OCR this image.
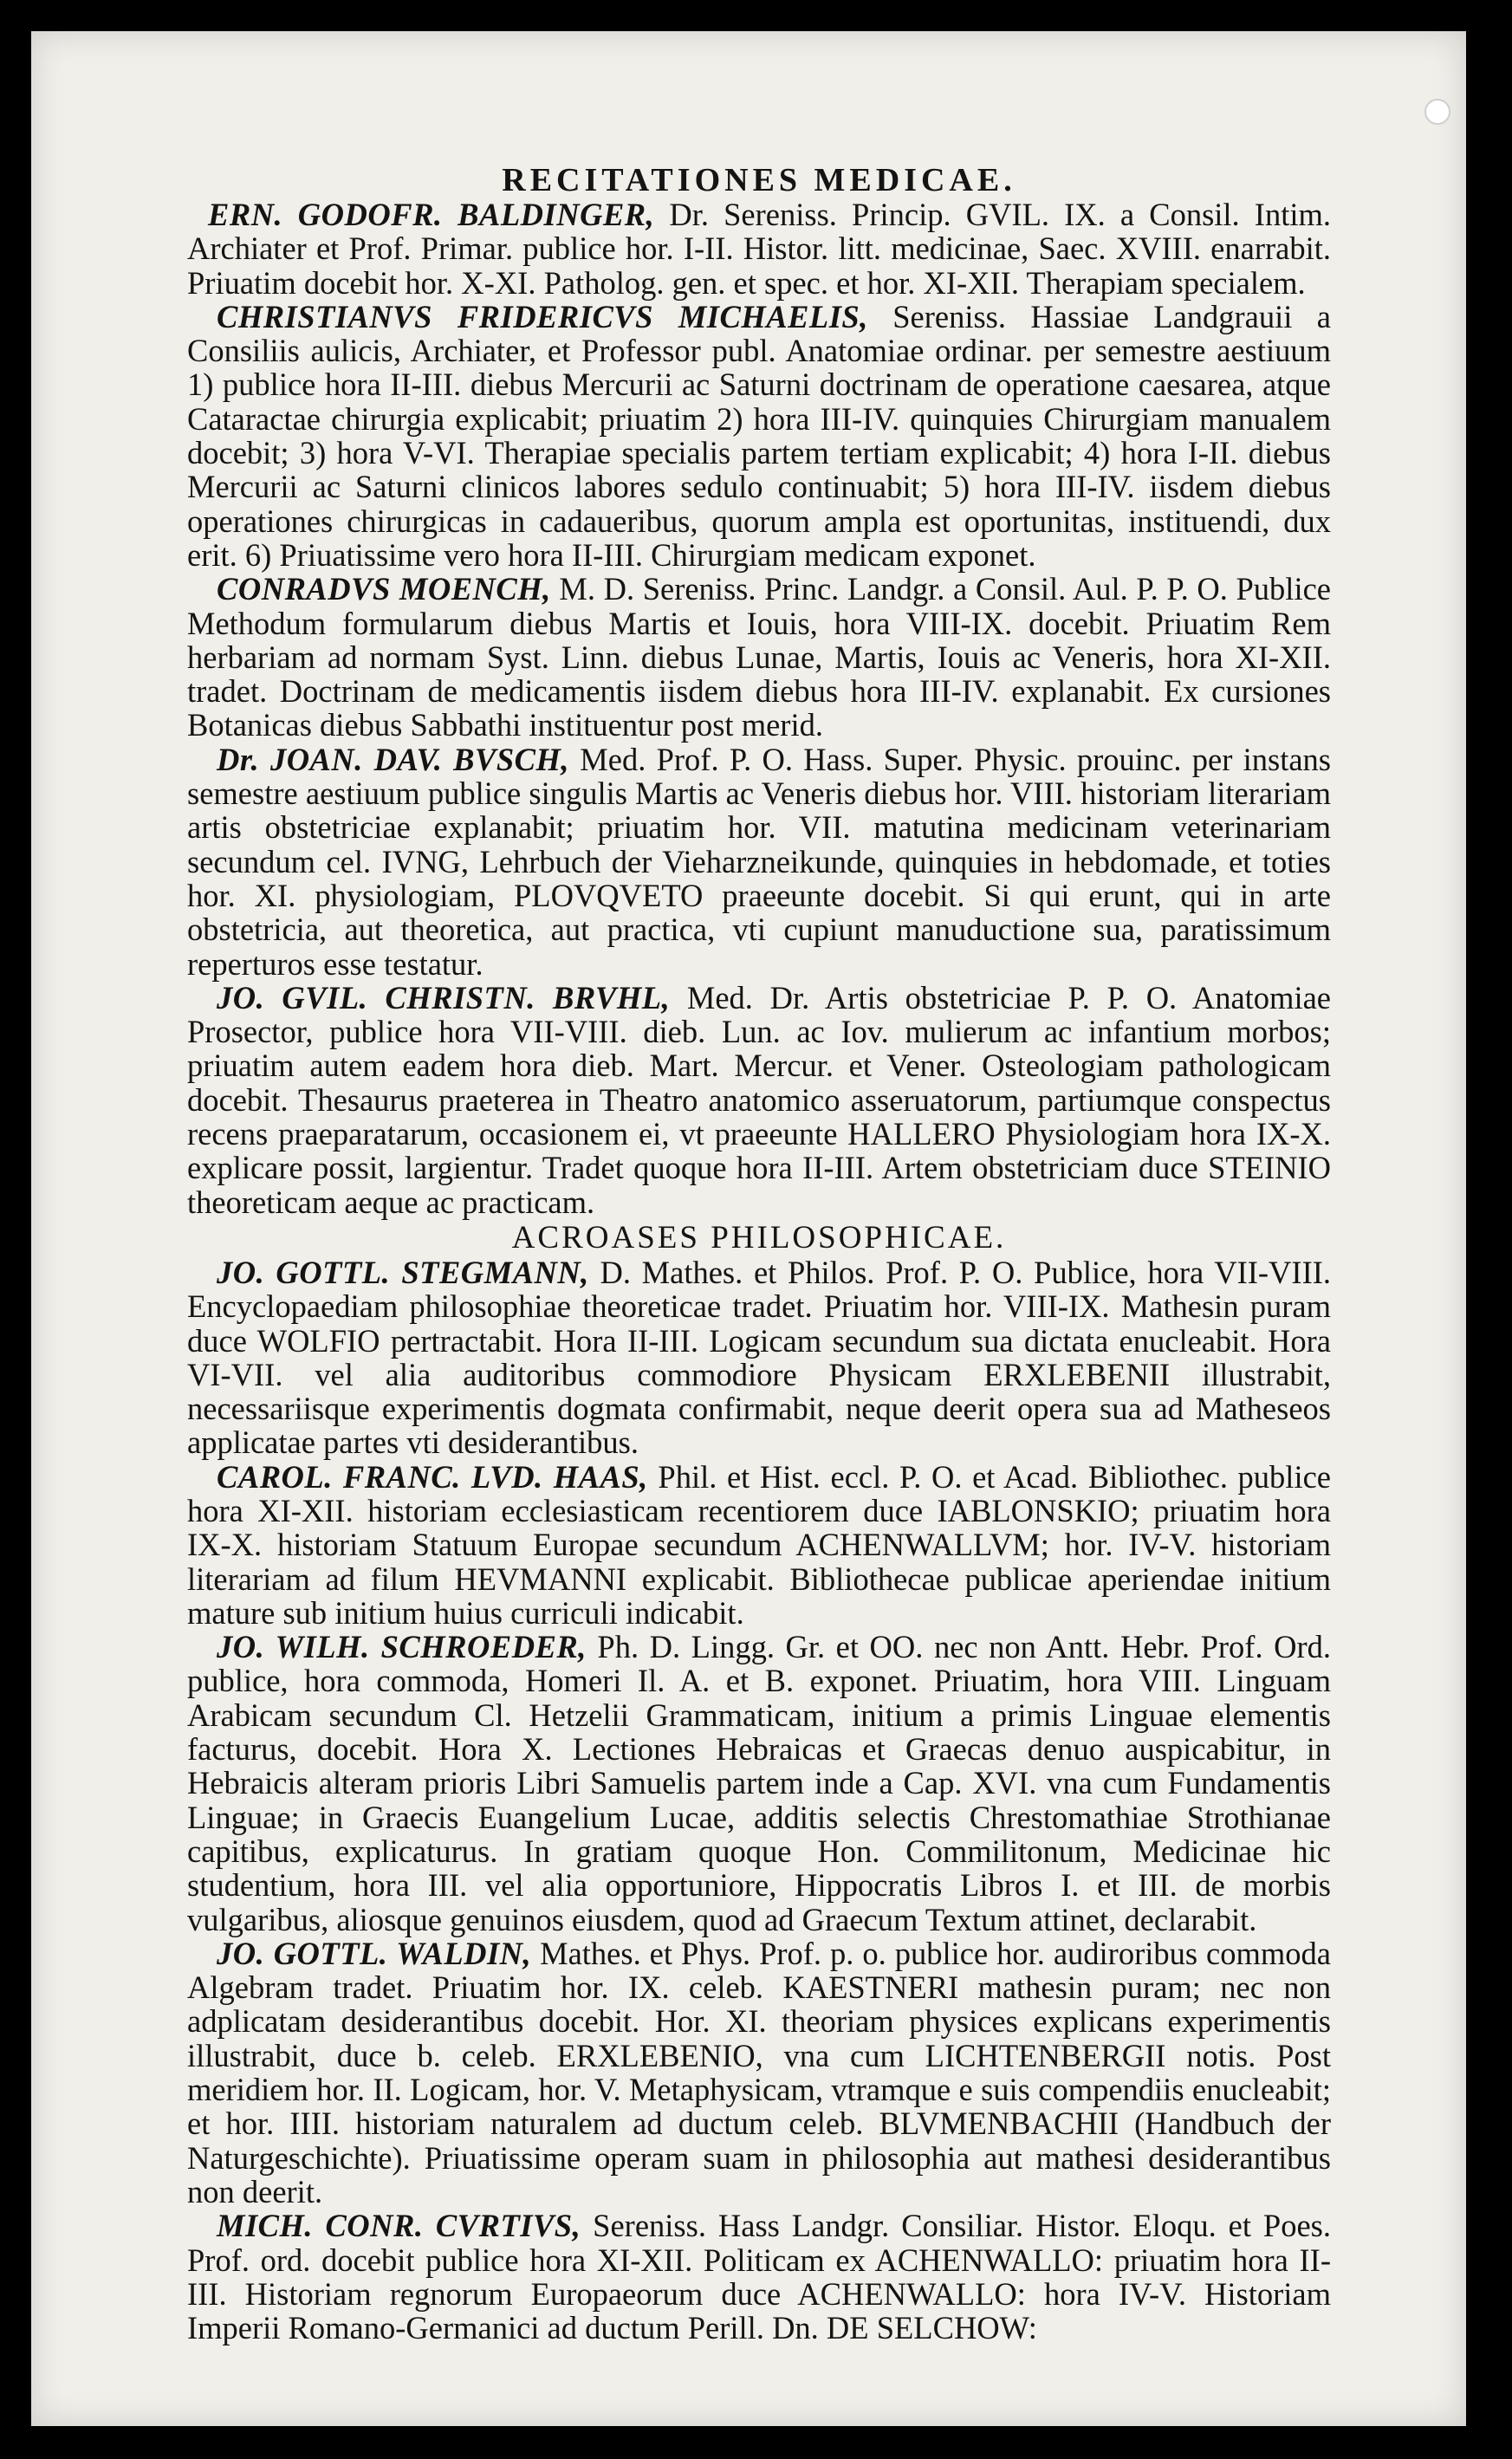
RECITATIONES MEDICAE.

ERN. GODOFR. BALDINGER, Dr. Sereniss. Princip. GVIL. IX. a Consil. Intim. Archiater et Prof. Primar. publice hor. I-II. Histor. litt. medicinae, Saec. XVIII. enarrabit. Priuatim docebit hor. X-XI. Patholog. gen. et spec. et hor. XI-XII. Therapiam specialem.

CHRISTIANVS FRIDERICVS MICHAELIS, Sereniss. Hassiae Landgrauii a Consiliis aulicis, Archiater, et Professor publ. Anatomiae ordinar. per semestre aestiuum 1) publice hora II-III. diebus Mercurii ac Saturni doctrinam de operatione caesarea, atque Cataractae chirurgia explicabit; priuatim 2) hora III-IV. quinquies Chirurgiam manualem docebit; 3) hora V-VI. Therapiae specialis partem tertiam explicabit; 4) hora I-II. diebus Mercurii ac Saturni clinicos labores sedulo continuabit; 5) hora III-IV. iisdem diebus operationes chirurgicas in cadaueribus, quorum ampla est oportunitas, instituendi, dux erit. 6) Priuatissime vero hora II-III. Chirurgiam medicam exponet.

CONRADVS MOENCH, M. D. Sereniss. Princ. Landgr. a Consil. Aul. P. P. O. Publice Methodum formularum diebus Martis et Iouis, hora VIII-IX. docebit. Priuatim Rem herbariam ad normam Syst. Linn. diebus Lunae, Martis, Iouis ac Veneris, hora XI-XII. tradet. Doctrinam de medicamentis iisdem diebus hora III-IV. explanabit. Ex cursiones Botanicas diebus Sabbathi instituentur post merid.

Dr. JOAN. DAV. BVSCH, Med. Prof. P. O. Hass. Super. Physic. prouinc. per instans semestre aestiuum publice singulis Martis ac Veneris diebus hor. VIII. historiam literariam artis obstetriciae explanabit; priuatim hor. VII. matutina medicinam veterinariam secundum cel. IVNG, Lehrbuch der Vieharzneikunde, quinquies in hebdomade, et toties hor. XI. physiologiam, PLOVQVETO praeeunte docebit. Si qui erunt, qui in arte obstetricia, aut theoretica, aut practica, vti cupiunt manuductione sua, paratissimum reperturos esse testatur.

JO. GVIL. CHRISTN. BRVHL, Med. Dr. Artis obstetriciae P. P. O. Anatomiae Prosector, publice hora VII-VIII. dieb. Lun. ac Iov. mulierum ac infantium morbos; priuatim autem eadem hora dieb. Mart. Mercur. et Vener. Osteologiam pathologicam docebit. Thesaurus praeterea in Theatro anatomico asseruatorum, partiumque conspectus recens praeparatarum, occasionem ei, vt praeeunte HALLERO Physiologiam hora IX-X. explicare possit, largientur. Tradet quoque hora II-III. Artem obstetriciam duce STEINIO theoreticam aeque ac practicam.

ACROASES PHILOSOPHICAE.

JO. GOTTL. STEGMANN, D. Mathes. et Philos. Prof. P. O. Publice, hora VII-VIII. Encyclopaediam philosophiae theoreticae tradet. Priuatim hor. VIII-IX. Mathesin puram duce WOLFIO pertractabit. Hora II-III. Logicam secundum sua dictata enucleabit. Hora VI-VII. vel alia auditoribus commodiore Physicam ERXLEBENII illustrabit, necessariisque experimentis dogmata confirmabit, neque deerit opera sua ad Matheseos applicatae partes vti desiderantibus.

CAROL. FRANC. LVD. HAAS, Phil. et Hist. eccl. P. O. et Acad. Bibliothec. publice hora XI-XII. historiam ecclesiasticam recentiorem duce IABLONSKIO; priuatim hora IX-X. historiam Statuum Europae secundum ACHENWALLVM; hor. IV-V. historiam literariam ad filum HEVMANNI explicabit. Bibliothecae publicae aperiendae initium mature sub initium huius curriculi indicabit.

JO. WILH. SCHROEDER, Ph. D. Lingg. Gr. et OO. nec non Antt. Hebr. Prof. Ord. publice, hora commoda, Homeri Il. A. et B. exponet. Priuatim, hora VIII. Linguam Arabicam secundum Cl. Hetzelii Grammaticam, initium a primis Linguae elementis facturus, docebit. Hora X. Lectiones Hebraicas et Graecas denuo auspicabitur, in Hebraicis alteram prioris Libri Samuelis partem inde a Cap. XVI. vna cum Fundamentis Linguae; in Graecis Euangelium Lucae, additis selectis Chrestomathiae Strothianae capitibus, explicaturus. In gratiam quoque Hon. Commilitonum, Medicinae hic studentium, hora III. vel alia opportuniore, Hippocratis Libros I. et III. de morbis vulgaribus, aliosque genuinos eiusdem, quod ad Graecum Textum attinet, declarabit.

JO. GOTTL. WALDIN, Mathes. et Phys. Prof. p. o. publice hor. audiroribus commoda Algebram tradet. Priuatim hor. IX. celeb. KAESTNERI mathesin puram; nec non adplicatam desiderantibus docebit. Hor. XI. theoriam physices explicans experimentis illustrabit, duce b. celeb. ERXLEBENIO, vna cum LICHTENBERGII notis. Post meridiem hor. II. Logicam, hor. V. Metaphysicam, vtramque e suis compendiis enucleabit; et hor. IIII. historiam naturalem ad ductum celeb. BLVMENBACHII (Handbuch der Naturgeschichte). Priuatissime operam suam in philosophia aut mathesi desiderantibus non deerit.

MICH. CONR. CVRTIVS, Sereniss. Hass Landgr. Consiliar. Histor. Eloqu. et Poes. Prof. ord. docebit publice hora XI-XII. Politicam ex ACHENWALLO: priuatim hora II-III. Historiam regnorum Europaeorum duce ACHENWALLO: hora IV-V. Historiam Imperii Romano-Germanici ad ductum Perill. Dn. DE SELCHOW:
